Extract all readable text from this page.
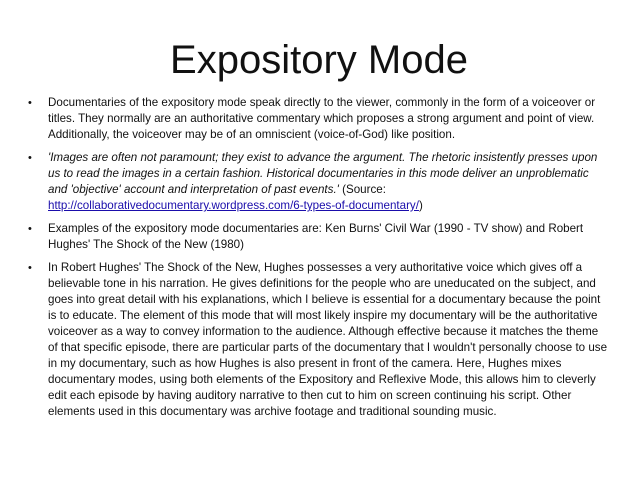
Expository Mode
• Documentaries of the expository mode speak directly to the viewer, commonly in the form of a voiceover or titles. They normally are an authoritative commentary which proposes a strong argument and point of view. Additionally, the voiceover may be of an omniscient (voice-of-God) like position.
• 'Images are often not paramount; they exist to advance the argument. The rhetoric insistently presses upon us to read the images in a certain fashion. Historical documentaries in this mode deliver an unproblematic and 'objective' account and interpretation of past events.' (Source: http://collaborativedocumentary.wordpress.com/6-types-of-documentary/)
• Examples of the expository mode documentaries are: Ken Burns' Civil War (1990 - TV show) and Robert Hughes' The Shock of the New (1980)
• In Robert Hughes' The Shock of the New, Hughes possesses a very authoritative voice which gives off a believable tone in his narration. He gives definitions for the people who are uneducated on the subject, and goes into great detail with his explanations, which I believe is essential for a documentary because the point is to educate. The element of this mode that will most likely inspire my documentary will be the authoritative voiceover as a way to convey information to the audience. Although effective because it matches the theme of that specific episode, there are particular parts of the documentary that I wouldn't personally choose to use in my documentary, such as how Hughes is also present in front of the camera. Here, Hughes mixes documentary modes, using both elements of the Expository and Reflexive Mode, this allows him to cleverly edit each episode by having auditory narrative to then cut to him on screen continuing his script. Other elements used in this documentary was archive footage and traditional sounding music.
